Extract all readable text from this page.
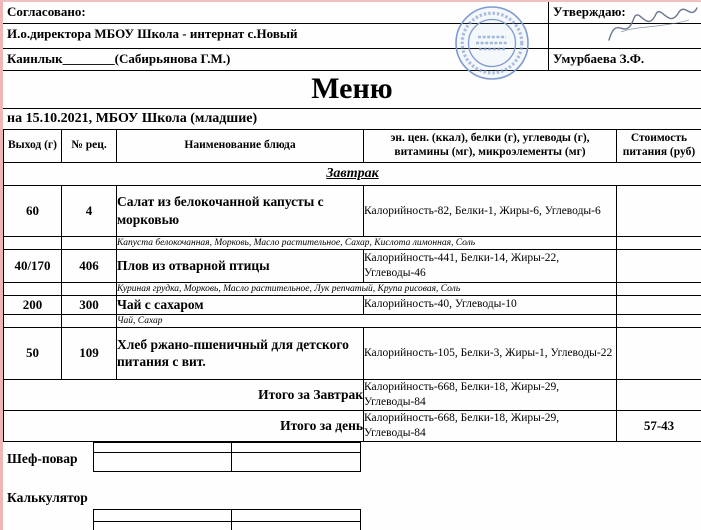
Согласовано:	Утверждаю:
И.о.директора МБОУ Школа - интернат с.Новый
Каинлык________(Сабирьянова Г.М.)	Умурбаева З.Ф.
Меню
на 15.10.2021, МБОУ Школа (младшие)
Выход (г)	№ рец.	Наименование блюда	эн. цен. (ккал), белки (г), углеводы (г), витамины (мг), микроэлементы (мг)	Стоимость питания (руб)
Завтрак				
60	4	Салат из белокочанной капусты с морковью	Калорийность-82, Белки-1, Жиры-6, Углеводы-6	
		Капуста белокочанная, Морковь, Масло растительное, Сахар, Кислота лимонная, Соль		
40/170	406	Плов из отварной птицы	Калорийность-441, Белки-14, Жиры-22, Углеводы-46	
		Куриная грудка, Морковь, Масло растительное, Лук репчатый, Крупа рисовая, Соль		
200	300	Чай с сахаром	Калорийность-40, Углеводы-10	
		Чай, Сахар		
50	109	Хлеб ржано-пшеничный для детского питания с вит.	Калорийность-105, Белки-3, Жиры-1, Углеводы-22	
Итого за Завтрак			Калорийность-668, Белки-18, Жиры-29, Углеводы-84	
Итого за день			Калорийность-668, Белки-18, Жиры-29, Углеводы-84	57-43
Шеф-повар
Калькулятор
